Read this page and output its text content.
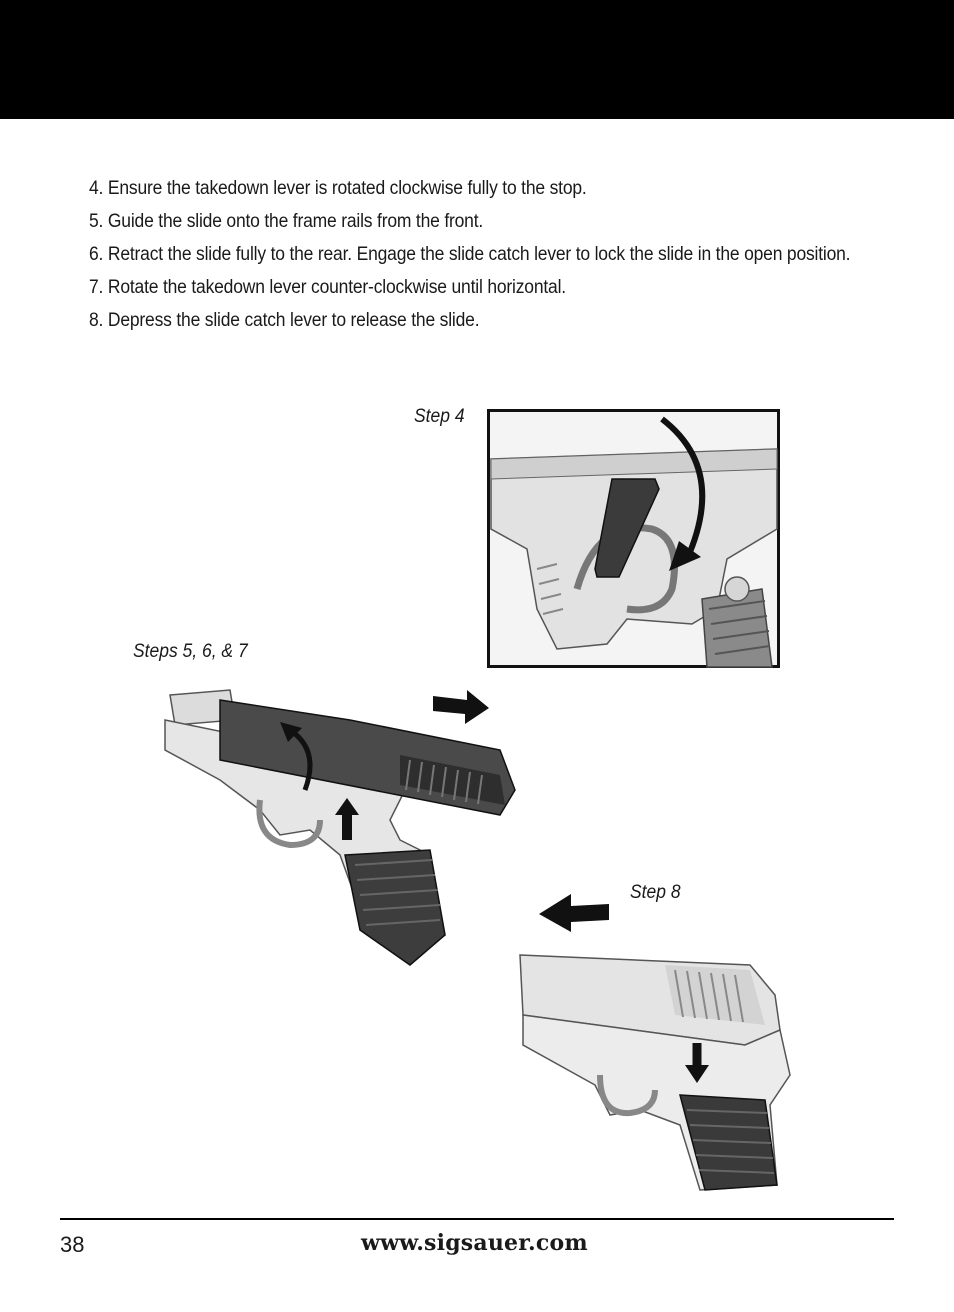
4. Ensure the takedown lever is rotated clockwise fully to the stop.
5. Guide the slide onto the frame rails from the front.
6. Retract the slide fully to the rear. Engage the slide catch lever to lock the slide in the open position.
7. Rotate the takedown lever counter-clockwise until horizontal.
8. Depress the slide catch lever to release the slide.
Step 4
Steps 5, 6, & 7
Step 8
38	www.sigsauer.com
